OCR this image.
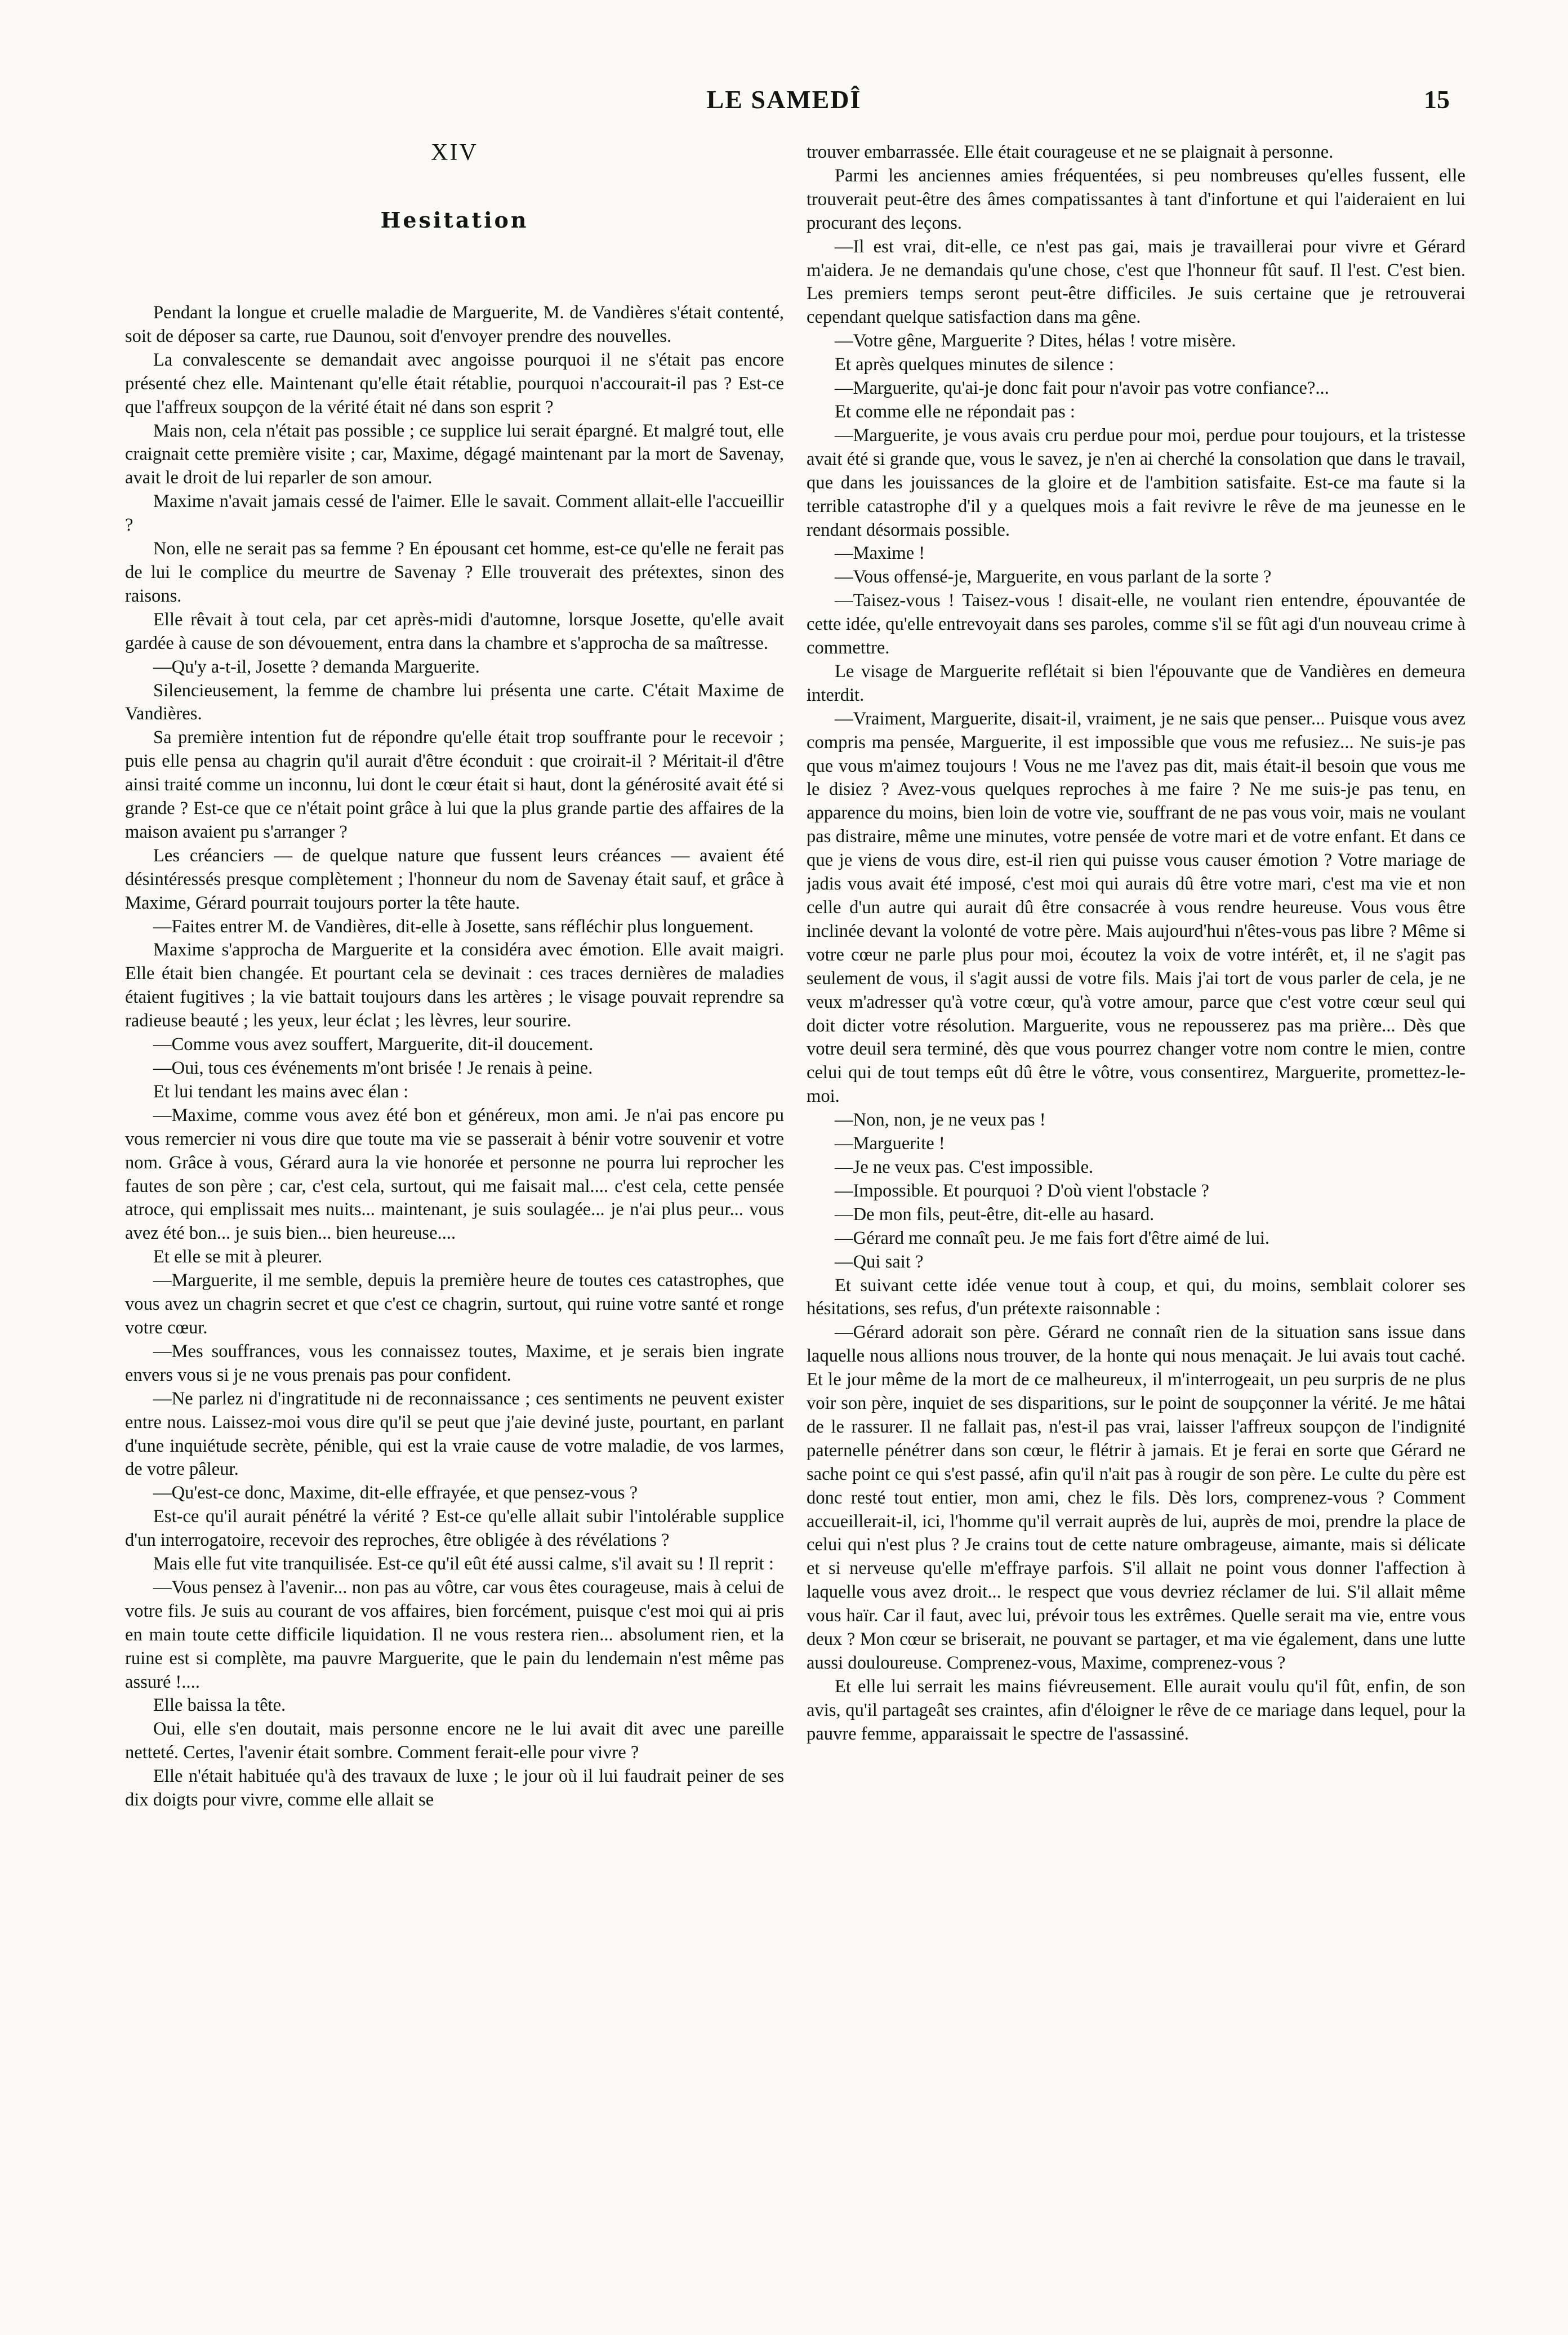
LE SAMEDÎ	15
XIV
Hesitation

Pendant la longue et cruelle maladie de Marguerite, M. de Vandières s'était contenté, soit de déposer sa carte, rue Daunou, soit d'envoyer prendre des nouvelles.

La convalescente se demandait avec angoisse pourquoi il ne s'était pas encore présenté chez elle. Maintenant qu'elle était rétablie, pourquoi n'accourait-il pas ? Est-ce que l'affreux soupçon de la vérité était né dans son esprit ?

Mais non, cela n'était pas possible ; ce supplice lui serait épargné. Et malgré tout, elle craignait cette première visite ; car, Maxime, dégagé maintenant par la mort de Savenay, avait le droit de lui reparler de son amour.

Maxime n'avait jamais cessé de l'aimer. Elle le savait. Comment allait-elle l'accueillir ?

Non, elle ne serait pas sa femme ? En épousant cet homme, est-ce qu'elle ne ferait pas de lui le complice du meurtre de Savenay ? Elle trouverait des prétextes, sinon des raisons.

Elle rêvait à tout cela, par cet après-midi d'automne, lorsque Josette, qu'elle avait gardée à cause de son dévouement, entra dans la chambre et s'approcha de sa maîtresse.

—Qu'y a-t-il, Josette ? demanda Marguerite.

Silencieusement, la femme de chambre lui présenta une carte. C'était Maxime de Vandières.

Sa première intention fut de répondre qu'elle était trop souffrante pour le recevoir ; puis elle pensa au chagrin qu'il aurait d'être éconduit : que croirait-il ? Méritait-il d'être ainsi traité comme un inconnu, lui dont le cœur était si haut, dont la générosité avait été si grande ? Est-ce que ce n'était point grâce à lui que la plus grande partie des affaires de la maison avaient pu s'arranger ?

Les créanciers — de quelque nature que fussent leurs créances — avaient été désintéressés presque complètement ; l'honneur du nom de Savenay était sauf, et grâce à Maxime, Gérard pourrait toujours porter la tête haute.

—Faites entrer M. de Vandières, dit-elle à Josette, sans réfléchir plus longuement.

Maxime s'approcha de Marguerite et la considéra avec émotion. Elle avait maigri. Elle était bien changée. Et pourtant cela se devinait : ces traces dernières de maladies étaient fugitives ; la vie battait toujours dans les artères ; le visage pouvait reprendre sa radieuse beauté ; les yeux, leur éclat ; les lèvres, leur sourire.

—Comme vous avez souffert, Marguerite, dit-il doucement.

—Oui, tous ces événements m'ont brisée ! Je renais à peine.

Et lui tendant les mains avec élan :

—Maxime, comme vous avez été bon et généreux, mon ami. Je n'ai pas encore pu vous remercier ni vous dire que toute ma vie se passerait à bénir votre souvenir et votre nom. Grâce à vous, Gérard aura la vie honorée et personne ne pourra lui reprocher les fautes de son père ; car, c'est cela, surtout, qui me faisait mal.... c'est cela, cette pensée atroce, qui emplissait mes nuits... maintenant, je suis soulagée... je n'ai plus peur... vous avez été bon... je suis bien... bien heureuse....

Et elle se mit à pleurer.

—Marguerite, il me semble, depuis la première heure de toutes ces catastrophes, que vous avez un chagrin secret et que c'est ce chagrin, surtout, qui ruine votre santé et ronge votre cœur.

—Mes souffrances, vous les connaissez toutes, Maxime, et je serais bien ingrate envers vous si je ne vous prenais pas pour confident.

—Ne parlez ni d'ingratitude ni de reconnaissance ; ces sentiments ne peuvent exister entre nous. Laissez-moi vous dire qu'il se peut que j'aie deviné juste, pourtant, en parlant d'une inquiétude secrète, pénible, qui est la vraie cause de votre maladie, de vos larmes, de votre pâleur.

—Qu'est-ce donc, Maxime, dit-elle effrayée, et que pensez-vous ?

Est-ce qu'il aurait pénétré la vérité ? Est-ce qu'elle allait subir l'intolérable supplice d'un interrogatoire, recevoir des reproches, être obligée à des révélations ?

Mais elle fut vite tranquilisée. Est-ce qu'il eût été aussi calme, s'il avait su ! Il reprit :

—Vous pensez à l'avenir... non pas au vôtre, car vous êtes courageuse, mais à celui de votre fils. Je suis au courant de vos affaires, bien forcément, puisque c'est moi qui ai pris en main toute cette difficile liquidation. Il ne vous restera rien... absolument rien, et la ruine est si complète, ma pauvre Marguerite, que le pain du lendemain n'est même pas assuré !....

Elle baissa la tête.

Oui, elle s'en doutait, mais personne encore ne le lui avait dit avec une pareille netteté. Certes, l'avenir était sombre. Comment ferait-elle pour vivre ?

Elle n'était habituée qu'à des travaux de luxe ; le jour où il lui faudrait peiner de ses dix doigts pour vivre, comme elle allait se

trouver embarrassée. Elle était courageuse et ne se plaignait à personne.

Parmi les anciennes amies fréquentées, si peu nombreuses qu'elles fussent, elle trouverait peut-être des âmes compatissantes à tant d'infortune et qui l'aideraient en lui procurant des leçons.

—Il est vrai, dit-elle, ce n'est pas gai, mais je travaillerai pour vivre et Gérard m'aidera. Je ne demandais qu'une chose, c'est que l'honneur fût sauf. Il l'est. C'est bien. Les premiers temps seront peut-être difficiles. Je suis certaine que je retrouverai cependant quelque satisfaction dans ma gêne.

—Votre gêne, Marguerite ? Dites, hélas ! votre misère.

Et après quelques minutes de silence :

—Marguerite, qu'ai-je donc fait pour n'avoir pas votre confiance?...

Et comme elle ne répondait pas :

—Marguerite, je vous avais cru perdue pour moi, perdue pour toujours, et la tristesse avait été si grande que, vous le savez, je n'en ai cherché la consolation que dans le travail, que dans les jouissances de la gloire et de l'ambition satisfaite. Est-ce ma faute si la terrible catastrophe d'il y a quelques mois a fait revivre le rêve de ma jeunesse en le rendant désormais possible.

—Maxime !

—Vous offensé-je, Marguerite, en vous parlant de la sorte ?

—Taisez-vous ! Taisez-vous ! disait-elle, ne voulant rien entendre, épouvantée de cette idée, qu'elle entrevoyait dans ses paroles, comme s'il se fût agi d'un nouveau crime à commettre.

Le visage de Marguerite reflétait si bien l'épouvante que de Vandières en demeura interdit.

—Vraiment, Marguerite, disait-il, vraiment, je ne sais que penser... Puisque vous avez compris ma pensée, Marguerite, il est impossible que vous me refusiez... Ne suis-je pas que vous m'aimez toujours ! Vous ne me l'avez pas dit, mais était-il besoin que vous me le disiez ? Avez-vous quelques reproches à me faire ? Ne me suis-je pas tenu, en apparence du moins, bien loin de votre vie, souffrant de ne pas vous voir, mais ne voulant pas distraire, même une minutes, votre pensée de votre mari et de votre enfant. Et dans ce que je viens de vous dire, est-il rien qui puisse vous causer émotion ? Votre mariage de jadis vous avait été imposé, c'est moi qui aurais dû être votre mari, c'est ma vie et non celle d'un autre qui aurait dû être consacrée à vous rendre heureuse. Vous vous être inclinée devant la volonté de votre père. Mais aujourd'hui n'êtes-vous pas libre ? Même si votre cœur ne parle plus pour moi, écoutez la voix de votre intérêt, et, il ne s'agit pas seulement de vous, il s'agit aussi de votre fils. Mais j'ai tort de vous parler de cela, je ne veux m'adresser qu'à votre cœur, qu'à votre amour, parce que c'est votre cœur seul qui doit dicter votre résolution. Marguerite, vous ne repousserez pas ma prière... Dès que votre deuil sera terminé, dès que vous pourrez changer votre nom contre le mien, contre celui qui de tout temps eût dû être le vôtre, vous consentirez, Marguerite, promettez-le-moi.

—Non, non, je ne veux pas !

—Marguerite !

—Je ne veux pas. C'est impossible.

—Impossible. Et pourquoi ? D'où vient l'obstacle ?

—De mon fils, peut-être, dit-elle au hasard.

—Gérard me connaît peu. Je me fais fort d'être aimé de lui.

—Qui sait ?

Et suivant cette idée venue tout à coup, et qui, du moins, semblait colorer ses hésitations, ses refus, d'un prétexte raisonnable :

—Gérard adorait son père. Gérard ne connaît rien de la situation sans issue dans laquelle nous allions nous trouver, de la honte qui nous menaçait. Je lui avais tout caché. Et le jour même de la mort de ce malheureux, il m'interrogeait, un peu surpris de ne plus voir son père, inquiet de ses disparitions, sur le point de soupçonner la vérité. Je me hâtai de le rassurer. Il ne fallait pas, n'est-il pas vrai, laisser l'affreux soupçon de l'indignité paternelle pénétrer dans son cœur, le flétrir à jamais. Et je ferai en sorte que Gérard ne sache point ce qui s'est passé, afin qu'il n'ait pas à rougir de son père. Le culte du père est donc resté tout entier, mon ami, chez le fils. Dès lors, comprenez-vous ? Comment accueillerait-il, ici, l'homme qu'il verrait auprès de lui, auprès de moi, prendre la place de celui qui n'est plus ? Je crains tout de cette nature ombrageuse, aimante, mais si délicate et si nerveuse qu'elle m'effraye parfois. S'il allait ne point vous donner l'affection à laquelle vous avez droit... le respect que vous devriez réclamer de lui. S'il allait même vous haïr. Car il faut, avec lui, prévoir tous les extrêmes. Quelle serait ma vie, entre vous deux ? Mon cœur se briserait, ne pouvant se partager, et ma vie également, dans une lutte aussi douloureuse. Comprenez-vous, Maxime, comprenez-vous ?

Et elle lui serrait les mains fiévreusement. Elle aurait voulu qu'il fût, enfin, de son avis, qu'il partageât ses craintes, afin d'éloigner le rêve de ce mariage dans lequel, pour la pauvre femme, apparaissait le spectre de l'assassiné.
